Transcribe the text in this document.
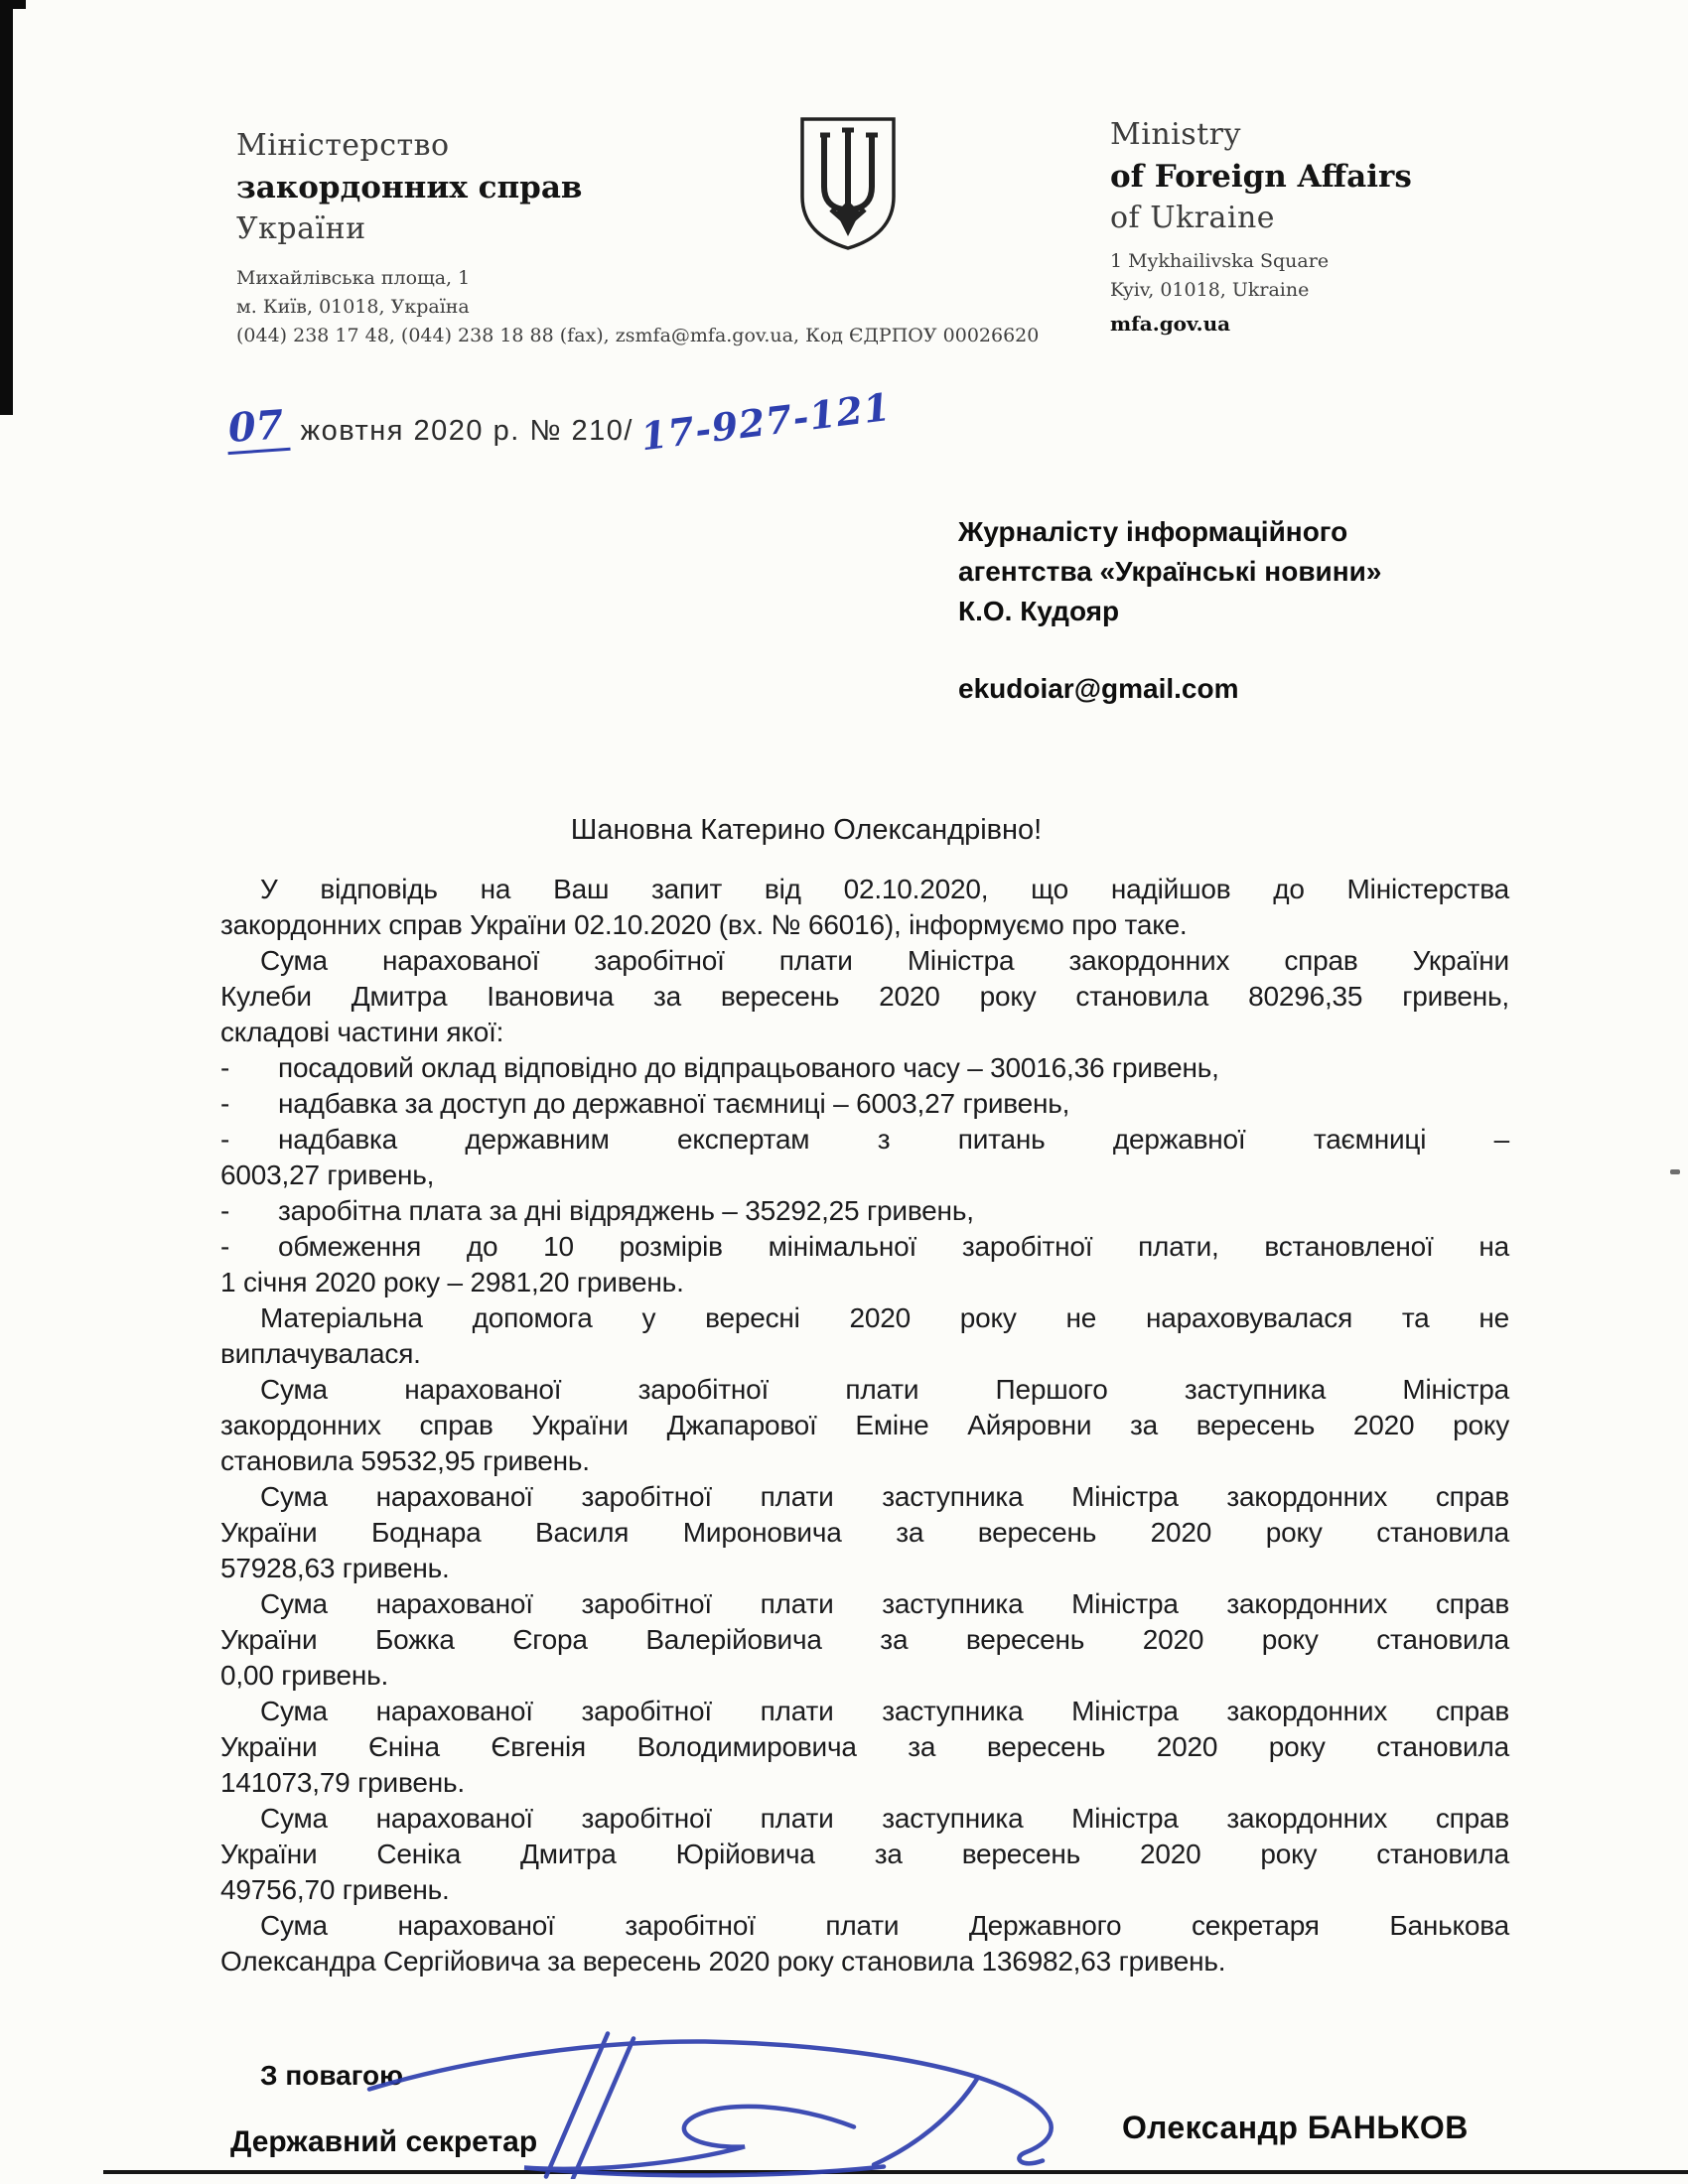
Міністерство
закордонних справ
України
Михайлівська площа, 1
м. Київ, 01018, Україна
(044) 238 17 48, (044) 238 18 88 (fax), zsmfa@mfa.gov.ua, Код ЄДРПОУ 00026620
Ministry
of Foreign Affairs
of Ukraine
1 Mykhailivska Square
Kyiv, 01018, Ukraine
mfa.gov.ua
07 жовтня 2020 р. № 210/ 17-927-121
Журналісту інформаційного
агентства «Українські новини»
К.О. Кудояр
ekudoiar@gmail.com
Шановна Катерино Олександрівно!
У відповідь на Ваш запит від 02.10.2020, що надійшов до Міністерства
закордонних справ України 02.10.2020 (вх. № 66016), інформуємо про таке.
Сума нарахованої заробітної плати Міністра закордонних справ України
Кулеби Дмитра Івановича за вересень 2020 року становила 80296,35 гривень,
складові частини якої:
- посадовий оклад відповідно до відпрацьованого часу – 30016,36 гривень,
- надбавка за доступ до державної таємниці – 6003,27 гривень,
- надбавка державним експертам з питань державної таємниці –
6003,27 гривень,
- заробітна плата за дні відряджень – 35292,25 гривень,
- обмеження до 10 розмірів мінімальної заробітної плати, встановленої на
1 січня 2020 року – 2981,20 гривень.
Матеріальна допомога у вересні 2020 року не нараховувалася та не
виплачувалася.
Сума нарахованої заробітної плати Першого заступника Міністра
закордонних справ України Джапарової Еміне Айяровни за вересень 2020 року
становила 59532,95 гривень.
Сума нарахованої заробітної плати заступника Міністра закордонних справ
України Боднара Василя Мироновича за вересень 2020 року становила
57928,63 гривень.
Сума нарахованої заробітної плати заступника Міністра закордонних справ
України Божка Єгора Валерійовича за вересень 2020 року становила
0,00 гривень.
Сума нарахованої заробітної плати заступника Міністра закордонних справ
України Єніна Євгенія Володимировича за вересень 2020 року становила
141073,79 гривень.
Сума нарахованої заробітної плати заступника Міністра закордонних справ
України Сеніка Дмитра Юрійовича за вересень 2020 року становила
49756,70 гривень.
Сума нарахованої заробітної плати Державного секретаря Банькова
Олександра Сергійовича за вересень 2020 року становила 136982,63 гривень.
З повагою
Державний секретар	Олександр БАНЬКОВ
